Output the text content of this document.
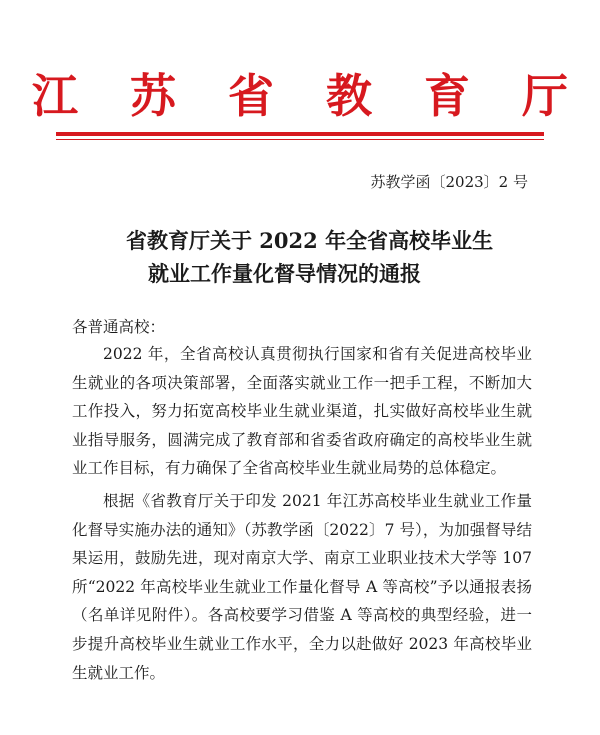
江 苏 省 教 育 厅
苏教学函〔2023〕2 号
省教育厅关于 2022 年全省高校毕业生
就业工作量化督导情况的通报
各普通高校：

2022 年，全省高校认真贯彻执行国家和省有关促进高校毕业生就业的各项决策部署，全面落实就业工作一把手工程，不断加大工作投入，努力拓宽高校毕业生就业渠道，扎实做好高校毕业生就业指导服务，圆满完成了教育部和省委省政府确定的高校毕业生就业工作目标，有力确保了全省高校毕业生就业局势的总体稳定。

根据《省教育厅关于印发 2021 年江苏高校毕业生就业工作量化督导实施办法的通知》（苏教学函〔2022〕7 号），为加强督导结果运用，鼓励先进，现对南京大学、南京工业职业技术大学等 107 所“2022 年高校毕业生就业工作量化督导 A 等高校”予以通报表扬（名单详见附件）。各高校要学习借鉴 A 等高校的典型经验，进一步提升高校毕业生就业工作水平，全力以赴做好 2023 年高校毕业生就业工作。
